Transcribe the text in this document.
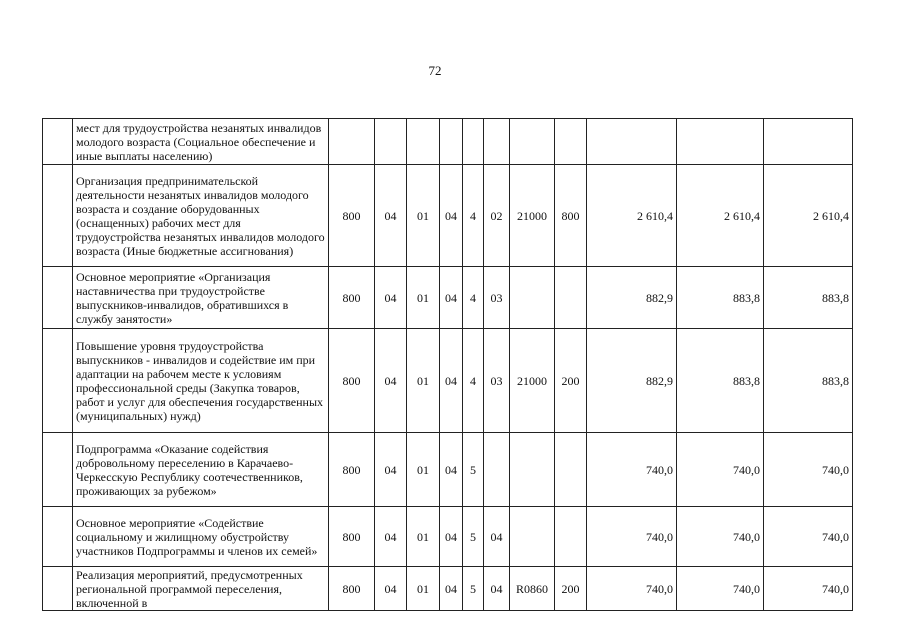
72
	мест для трудоустройства незанятых инвалидов молодого возраста (Социальное обеспечение и иные выплаты населению)											
	Организация предпринимательской деятельности незанятых инвалидов молодого возраста и создание оборудованных (оснащенных) рабочих мест для трудоустройства незанятых инвалидов молодого возраста (Иные бюджетные ассигнования)	800	04	01	04	4	02	21000	800	2 610,4	2 610,4	2 610,4
	Основное мероприятие «Организация наставничества при трудоустройстве выпускников-инвалидов, обратившихся в службу занятости»	800	04	01	04	4	03			882,9	883,8	883,8
	Повышение уровня трудоустройства выпускников - инвалидов и содействие им при адаптации на рабочем месте к условиям профессиональной среды (Закупка товаров, работ и услуг для обеспечения государственных (муниципальных) нужд)	800	04	01	04	4	03	21000	200	882,9	883,8	883,8
	Подпрограмма «Оказание содействия добровольному переселению в Карачаево-Черкесскую Республику соотечественников, проживающих за рубежом»	800	04	01	04	5				740,0	740,0	740,0
	Основное мероприятие «Содействие социальному и жилищному обустройству участников Подпрограммы и членов их семей»	800	04	01	04	5	04			740,0	740,0	740,0
	Реализация мероприятий, предусмотренных региональной программой переселения, включенной в	800	04	01	04	5	04	R0860	200	740,0	740,0	740,0
